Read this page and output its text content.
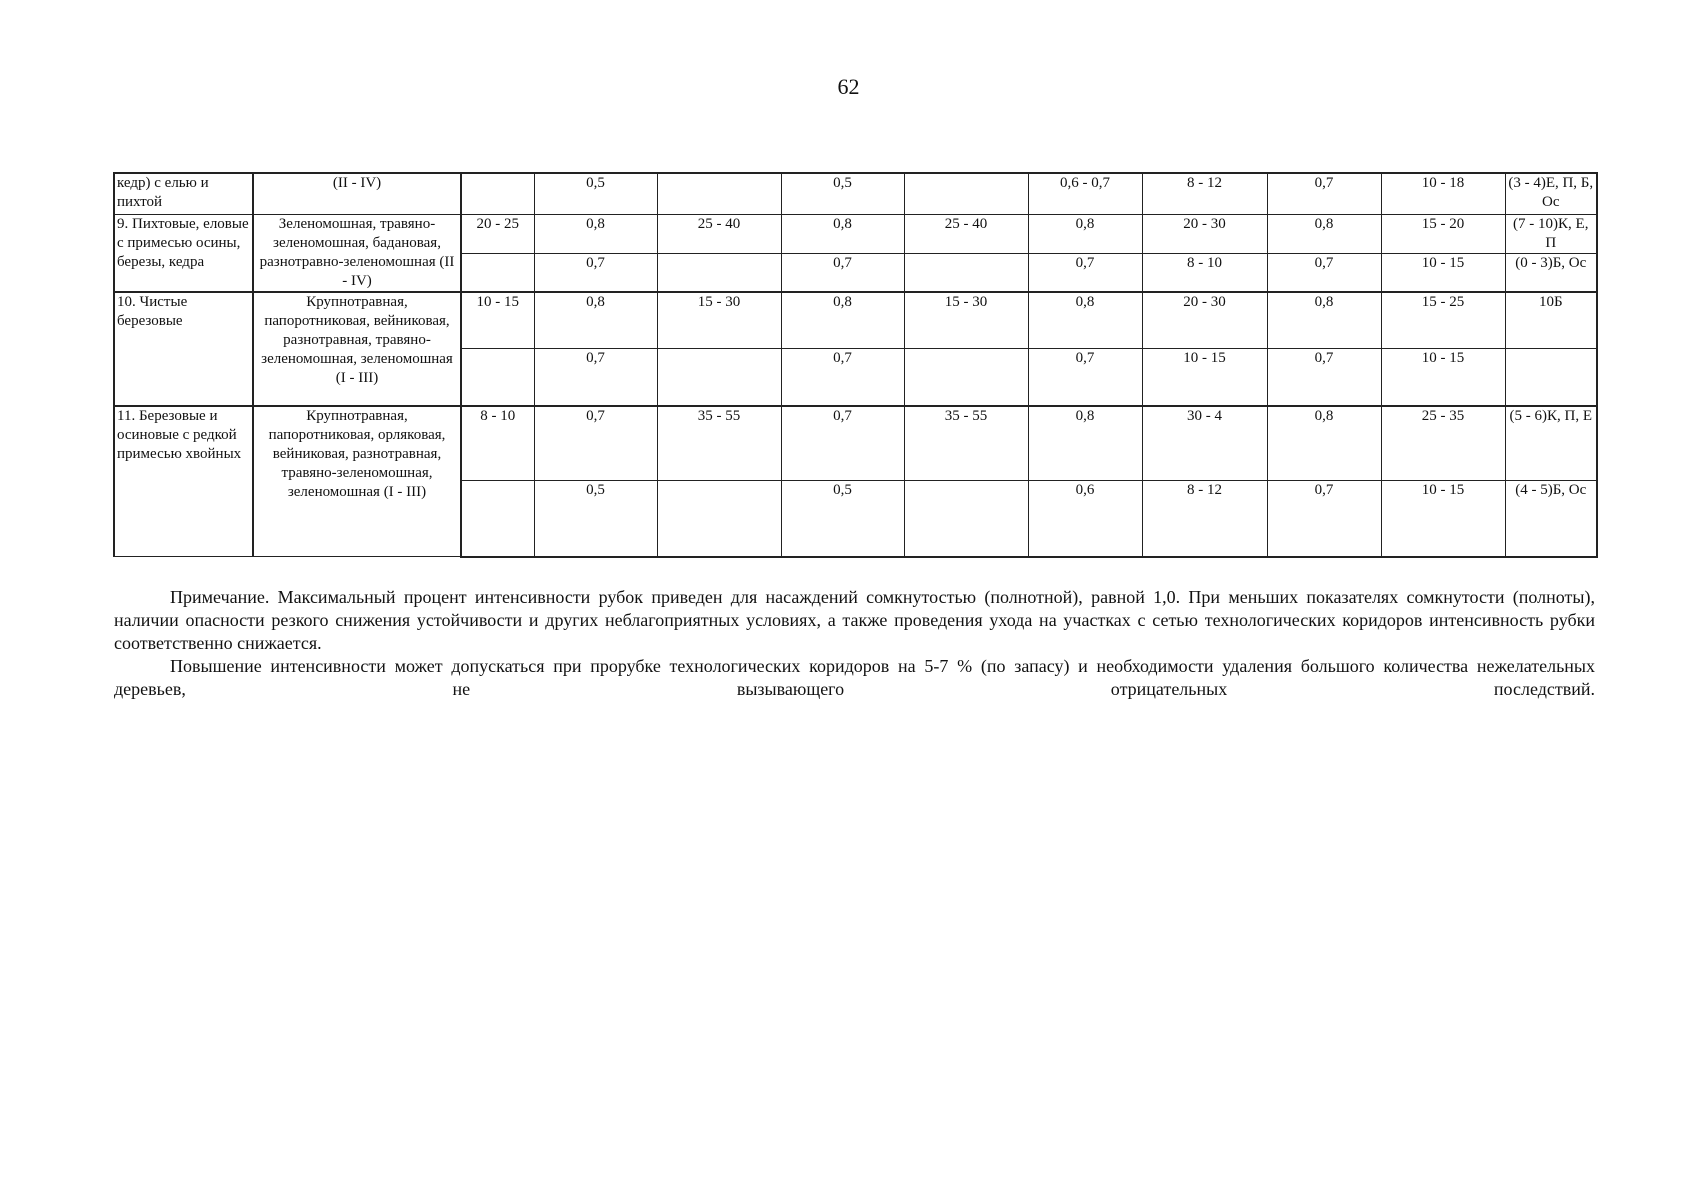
62
кедр) с елью и пихтой	(II - IV)		0,5		0,5		0,6 - 0,7	8 - 12	0,7	10 - 18	(3 - 4)Е, П, Б, Ос
9. Пихтовые, еловые с примесью осины, березы, кедра	Зеленомошная, травяно-зеленомошная, бадановая, разнотравно-зеленомошная (II - IV)	20 - 25	0,8	25 - 40	0,8	25 - 40	0,8	20 - 30	0,8	15 - 20	(7 - 10)К, Е, П
			0,7		0,7		0,7	8 - 10	0,7	10 - 15	(0 - 3)Б, Ос
10. Чистые березовые	Крупнотравная, папоротниковая, вейниковая, разнотравная, травяно-зеленомошная, зеленомошная (I - III)	10 - 15	0,8	15 - 30	0,8	15 - 30	0,8	20 - 30	0,8	15 - 25	10Б
			0,7		0,7		0,7	10 - 15	0,7	10 - 15	
11. Березовые и осиновые с редкой примесью хвойных	Крупнотравная, папоротниковая, орляковая, вейниковая, разнотравная, травяно-зеленомошная, зеленомошная (I - III)	8 - 10	0,7	35 - 55	0,7	35 - 55	0,8	30 - 4	0,8	25 - 35	(5 - 6)К, П, Е
			0,5		0,5		0,6	8 - 12	0,7	10 - 15	(4 - 5)Б, Ос

Примечание. Максимальный процент интенсивности рубок приведен для насаждений сомкнутостью (полнотной), равной 1,0. При меньших показателях сомкнутости (полноты), наличии опасности резкого снижения устойчивости и других неблагоприятных условиях, а также проведения ухода на участках с сетью технологических коридоров интенсивность рубки соответственно снижается.

Повышение интенсивности может допускаться при прорубке технологических коридоров на 5-7 % (по запасу) и необходимости удаления большого количества нежелательных деревьев, не вызывающего отрицательных последствий.
